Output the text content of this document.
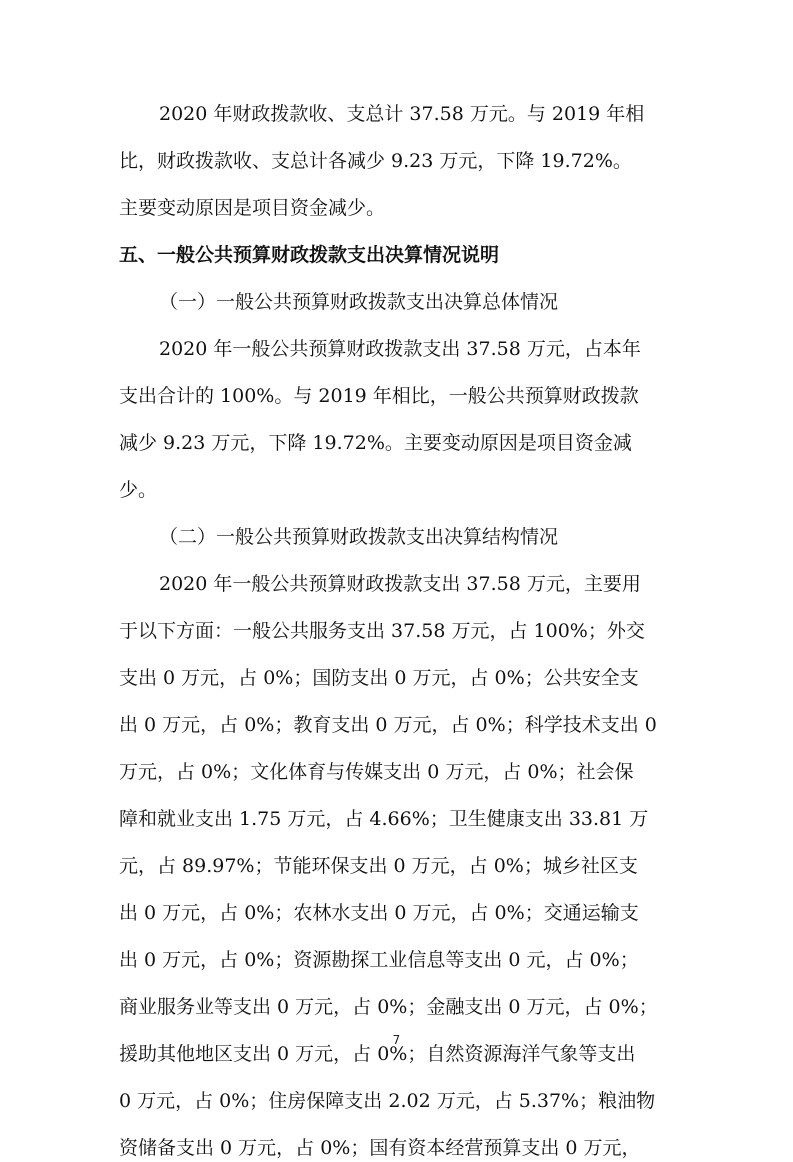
2020 年财政拨款收、支总计 37.58 万元。与 2019 年相
比，财政拨款收、支总计各减少 9.23 万元，下降 19.72%。
主要变动原因是项目资金减少。
五、一般公共预算财政拨款支出决算情况说明
（一）一般公共预算财政拨款支出决算总体情况
2020 年一般公共预算财政拨款支出 37.58 万元，占本年
支出合计的 100%。与 2019 年相比，一般公共预算财政拨款
减少 9.23 万元，下降 19.72%。主要变动原因是项目资金减
少。
（二）一般公共预算财政拨款支出决算结构情况
2020 年一般公共预算财政拨款支出 37.58 万元，主要用
于以下方面：一般公共服务支出 37.58 万元，占 100%；外交
支出 0 万元，占 0%；国防支出 0 万元，占 0%；公共安全支
出 0 万元，占 0%；教育支出 0 万元，占 0%；科学技术支出 0
万元，占 0%；文化体育与传媒支出 0 万元，占 0%；社会保
障和就业支出 1.75 万元，占 4.66%；卫生健康支出 33.81 万
元，占 89.97%；节能环保支出 0 万元，占 0%；城乡社区支
出 0 万元，占 0%；农林水支出 0 万元，占 0%；交通运输支
出 0 万元，占 0%；资源勘探工业信息等支出 0 元，占 0%；
商业服务业等支出 0 万元，占 0%；金融支出 0 万元，占 0%；
援助其他地区支出 0 万元，占 0%；自然资源海洋气象等支出
0 万元，占 0%；住房保障支出 2.02 万元，占 5.37%；粮油物
资储备支出 0 万元，占 0%；国有资本经营预算支出 0 万元，
7
